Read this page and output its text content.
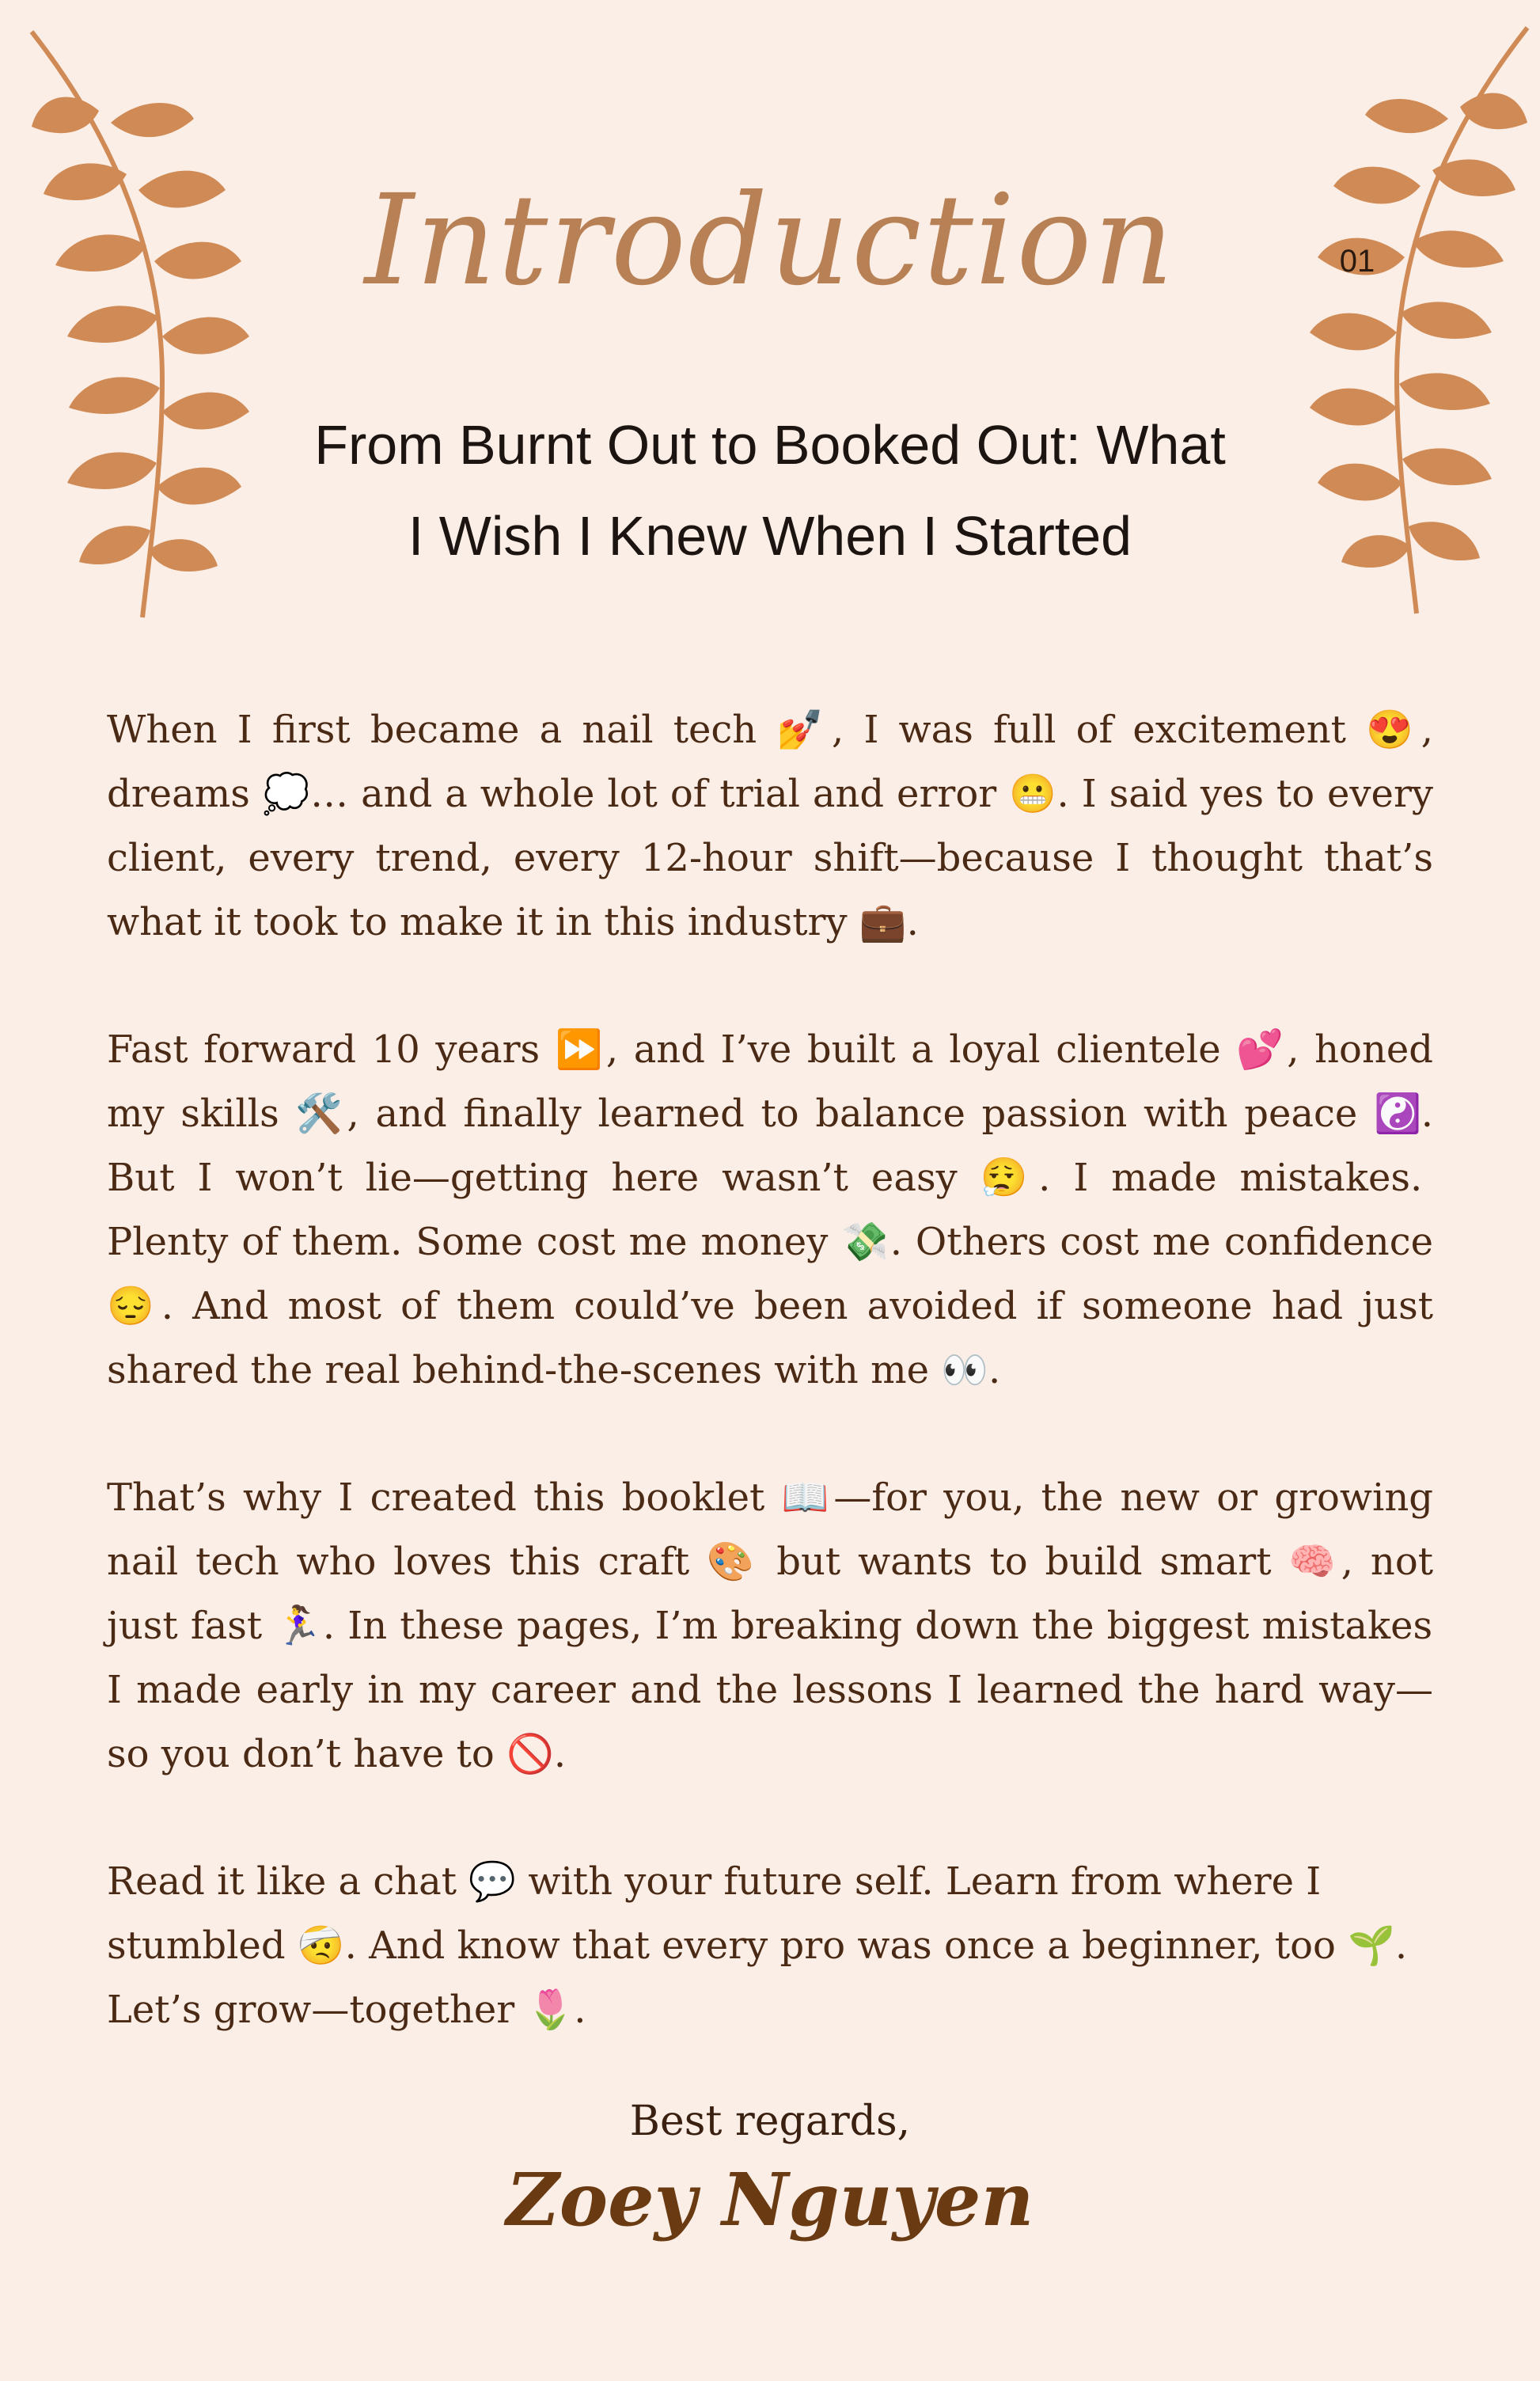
01
Introduction
From Burnt Out to Booked Out: What
I Wish I Knew When I Started

When I first became a nail tech 💅, I was full of excitement 😍, dreams 💭… and a whole lot of trial and error 😬. I said yes to every client, every trend, every 12-hour shift—because I thought that’s what it took to make it in this industry 💼.

Fast forward 10 years ⏩, and I’ve built a loyal clientele 💕, honed my skills 🛠️, and finally learned to balance passion with peace ☯️. But I won’t lie—getting here wasn’t easy 😮‍💨. I made mistakes. Plenty of them. Some cost me money 💸. Others cost me confidence 😔. And most of them could’ve been avoided if someone had just shared the real behind-the-scenes with me 👀.

That’s why I created this booklet 📖—for you, the new or growing nail tech who loves this craft 🎨 but wants to build smart 🧠, not just fast 🏃‍♀️. In these pages, I’m breaking down the biggest mistakes I made early in my career and the lessons I learned the hard way—so you don’t have to 🚫.

Read it like a chat 💬 with your future self. Learn from where I stumbled 🤕. And know that every pro was once a beginner, too 🌱. Let’s grow—together 🌷.

Best regards,
Zoey Nguyen
